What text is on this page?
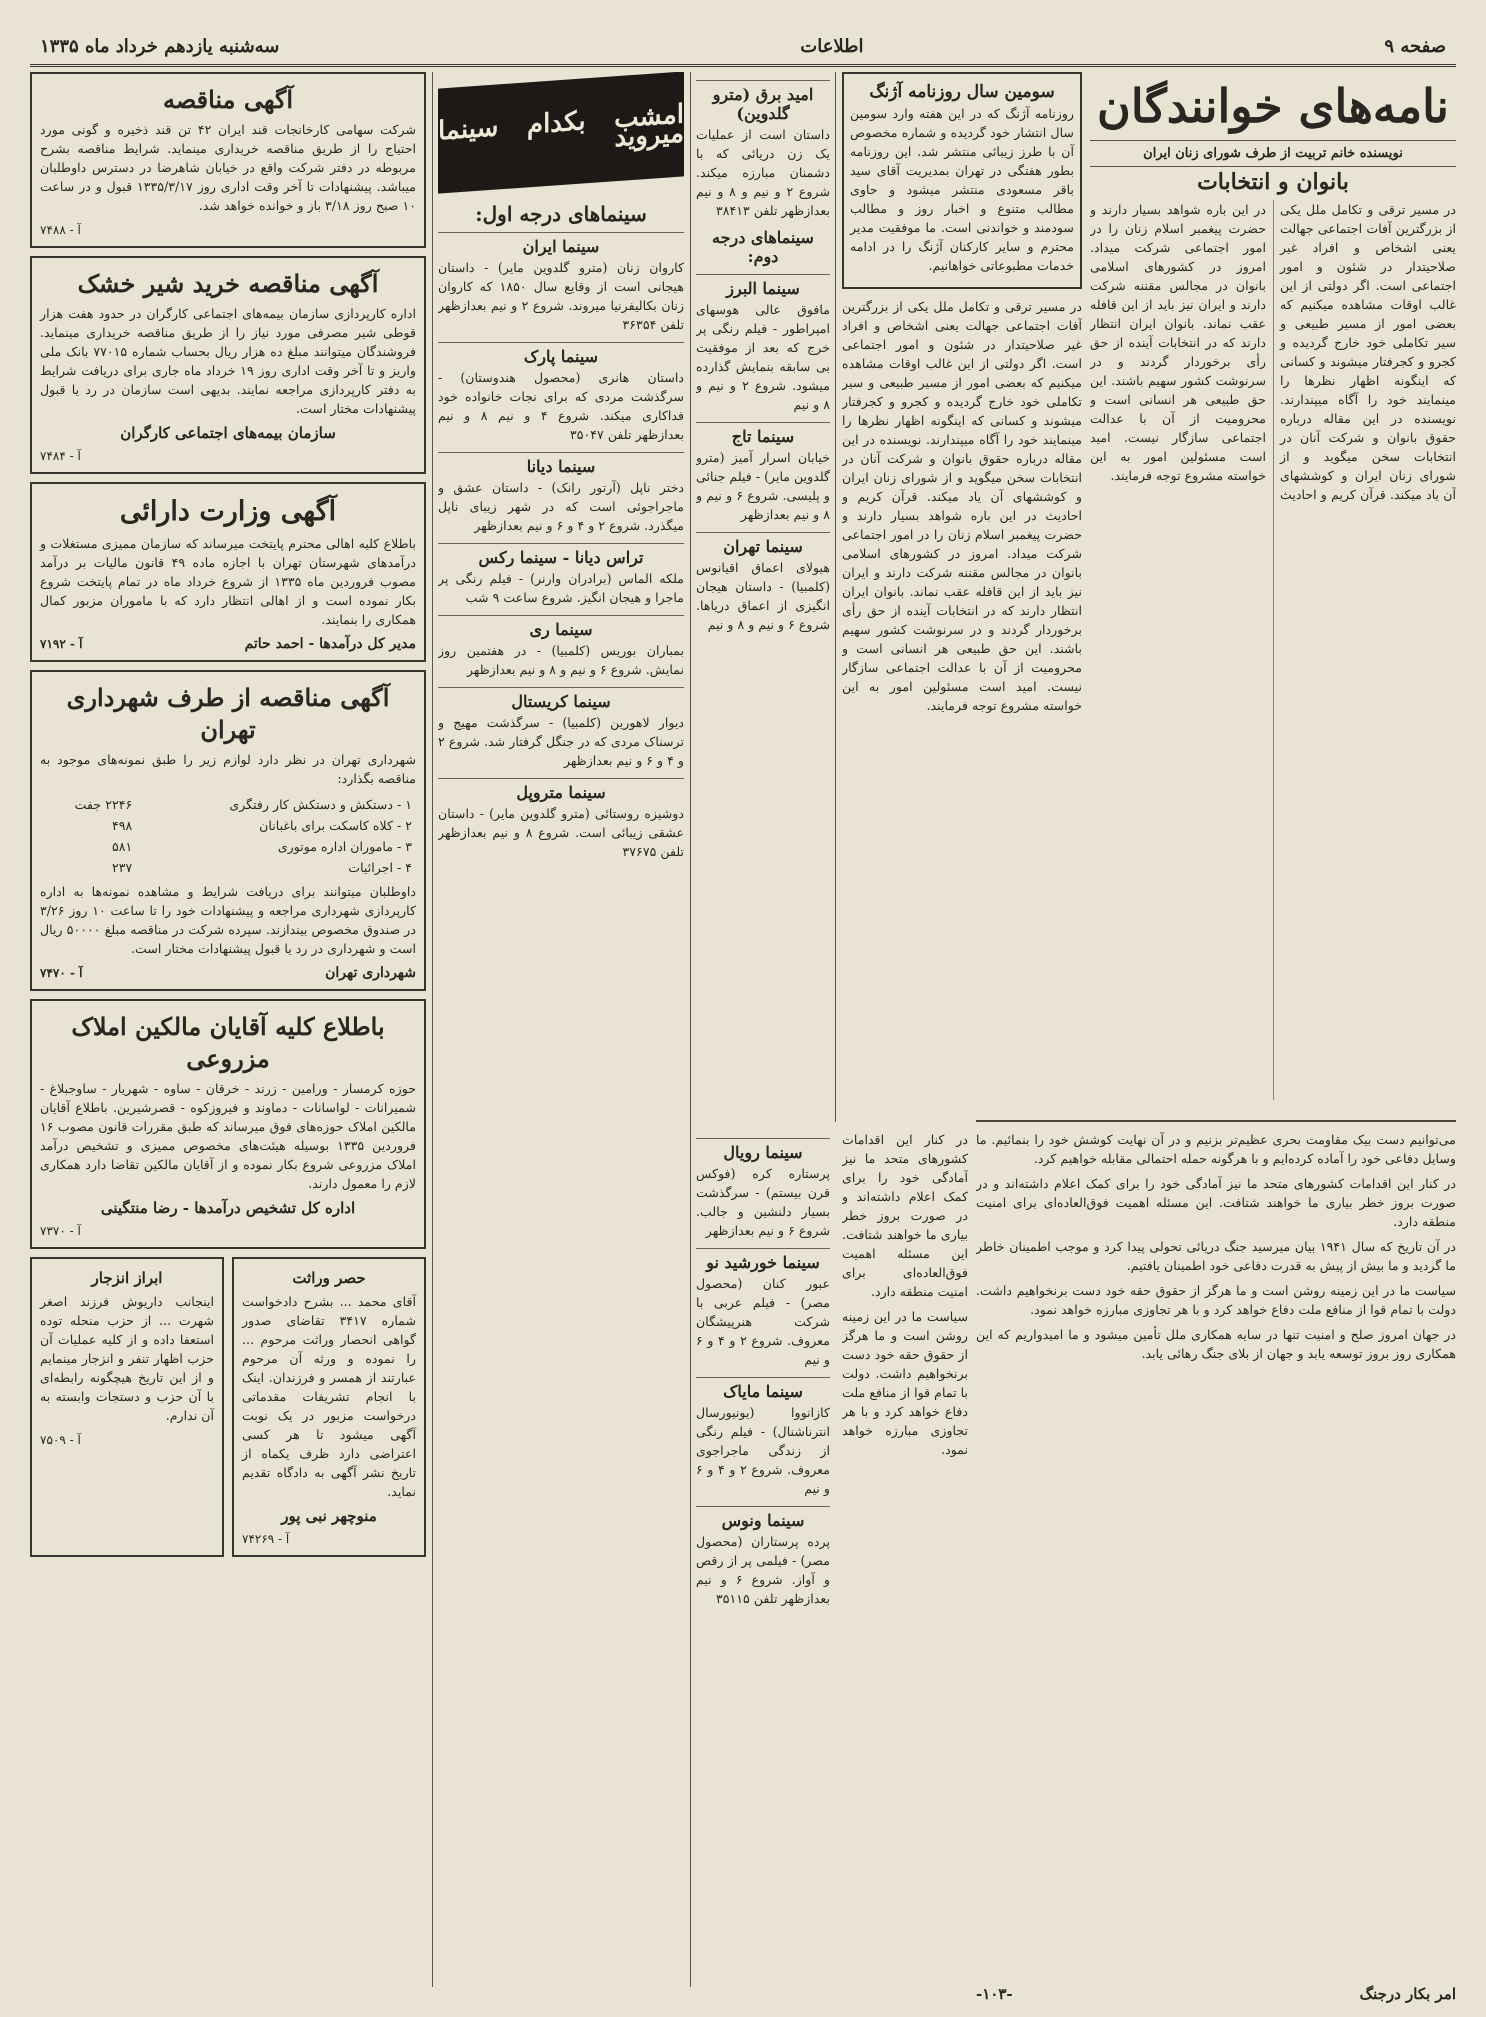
صفحه ۹
اطلاعات
سه‌شنبه یازدهم خرداد ماه ۱۳۳۵
نامه‌های خوانندگان
نویسنده خانم تربیت از طرف شورای زنان ایران
بانوان و انتخابات
در مسیر ترقی و تکامل ملل یکی از بزرگترین آفات اجتماعی جهالت یعنی اشخاص و افراد غیر صلاحیتدار در شئون و امور اجتماعی است. اگر دولتی از این غالب اوقات مشاهده میکنیم که بعضی امور از مسیر طبیعی و سیر تکاملی خود خارج گردیده و کجرو و کجرفتار میشوند و کسانی که اینگونه اظهار نظرها را مینمایند خود را آگاه میپندارند. نویسنده در این مقاله درباره حقوق بانوان و شرکت آنان در انتخابات سخن میگوید و از شورای زنان ایران و کوششهای آن یاد میکند. قرآن کریم و احادیث در این باره شواهد بسیار دارند و حضرت پیغمبر اسلام زنان را در امور اجتماعی شرکت میداد. امروز در کشورهای اسلامی بانوان در مجالس مقننه شرکت دارند و ایران نیز باید از این قافله عقب نماند. بانوان ایران انتظار دارند که در انتخابات آینده از حق رأی برخوردار گردند و در سرنوشت کشور سهیم باشند. این حق طبیعی هر انسانی است و محرومیت از آن با عدالت اجتماعی سازگار نیست. امید است مسئولین امور به این خواسته مشروع توجه فرمایند.
سومین سال روزنامه آژنگ

روزنامه آژنگ که در این هفته وارد سومین سال انتشار خود گردیده و شماره مخصوص آن با طرز زیبائی منتشر شد. این روزنامه بطور هفتگی در تهران بمدیریت آقای سید باقر مسعودی منتشر میشود و حاوی مطالب متنوع و اخبار روز و مطالب سودمند و خواندنی است. ما موفقیت مدیر محترم و سایر کارکنان آژنگ را در ادامه خدمات مطبوعاتی خواهانیم.

در مسیر ترقی و تکامل ملل یکی از بزرگترین آفات اجتماعی جهالت یعنی اشخاص و افراد غیر صلاحیتدار در شئون و امور اجتماعی است. اگر دولتی از این غالب اوقات مشاهده میکنیم که بعضی امور از مسیر طبیعی و سیر تکاملی خود خارج گردیده و کجرو و کجرفتار میشوند و کسانی که اینگونه اظهار نظرها را مینمایند خود را آگاه میپندارند. نویسنده در این مقاله درباره حقوق بانوان و شرکت آنان در انتخابات سخن میگوید و از شورای زنان ایران و کوششهای آن یاد میکند. قرآن کریم و احادیث در این باره شواهد بسیار دارند و حضرت پیغمبر اسلام زنان را در امور اجتماعی شرکت میداد. امروز در کشورهای اسلامی بانوان در مجالس مقننه شرکت دارند و ایران نیز باید از این قافله عقب نماند. بانوان ایران انتظار دارند که در انتخابات آینده از حق رأی برخوردار گردند و در سرنوشت کشور سهیم باشند. این حق طبیعی هر انسانی است و محرومیت از آن با عدالت اجتماعی سازگار نیست. امید است مسئولین امور به این خواسته مشروع توجه فرمایند.

امشب بکدام سینما میروید
سینماهای درجه اول:
سینما ایران

کاروان زنان (مترو گلدوین مایر) - داستان هیجانی است از وقایع سال ۱۸۵۰ که کاروان زنان بکالیفرنیا میروند. شروع ۲ و نیم بعدازظهر تلفن ۳۶۳۵۴

سینما پارک

داستان هانری (محصول هندوستان) - سرگذشت مردی که برای نجات خانواده خود فداکاری میکند. شروع ۴ و نیم ۸ و نیم بعدازظهر تلفن ۳۵۰۴۷

سینما دیانا

دختر ناپل (آرتور رانک) - داستان عشق و ماجراجوئی است که در شهر زیبای ناپل میگذرد. شروع ۲ و ۴ و ۶ و نیم بعدازظهر

تراس دیانا - سینما رکس

ملکه الماس (برادران وارنر) - فیلم رنگی پر ماجرا و هیجان انگیز. شروع ساعت ۹ شب

سینما ری

بمباران بوریس (کلمبیا) - در هفتمین روز نمایش. شروع ۶ و نیم و ۸ و نیم بعدازظهر

سینما کریستال

دیوار لاهورین (کلمبیا) - سرگذشت مهیج و ترسناک مردی که در جنگل گرفتار شد. شروع ۲ و ۴ و ۶ و نیم بعدازظهر

سینما متروپل

دوشیزه روستائی (مترو گلدوین مایر) - داستان عشقی زیبائی است. شروع ۸ و نیم بعدازظهر تلفن ۳۷۶۷۵

امید برق (مترو گلدوین)

داستان است از عملیات یک زن دریائی که با دشمنان مبارزه میکند. شروع ۲ و نیم و ۸ و نیم بعدازظهر تلفن ۳۸۴۱۳

سینماهای درجه دوم:
سینما البرز

مافوق عالی هوسهای امپراطور - فیلم رنگی پر خرج که بعد از موفقیت بی سابقه بنمایش گذارده میشود. شروع ۲ و نیم و ۸ و نیم

سینما تاج

خیابان اسرار آمیز (مترو گلدوین مایر) - فیلم جنائی و پلیسی. شروع ۶ و نیم و ۸ و نیم بعدازظهر

سینما تهران

هیولای اعماق اقیانوس (کلمبیا) - داستان هیجان انگیزی از اعماق دریاها. شروع ۶ و نیم و ۸ و نیم

سینما رویال

پرستاره کره (فوکس قرن بیستم) - سرگذشت بسیار دلنشین و جالب. شروع ۶ و نیم بعدازظهر

سینما خورشید نو

عبور کنان (محصول مصر) - فیلم عربی با شرکت هنرپیشگان معروف. شروع ۲ و ۴ و ۶ و نیم

سینما مایاک

کازانووا (یونیورسال انترناشنال) - فیلم رنگی از زندگی ماجراجوی معروف. شروع ۲ و ۴ و ۶ و نیم

سینما ونوس

پرده پرستاران (محصول مصر) - فیلمی پر از رقص و آواز. شروع ۶ و نیم بعدازظهر تلفن ۳۵۱۱۵

آگهی مناقصه

شرکت سهامی کارخانجات قند ایران ۴۲ تن قند ذخیره و گونی مورد احتیاج را از طریق مناقصه خریداری مینماید. شرایط مناقصه بشرح مربوطه در دفتر شرکت واقع در خیابان شاهرضا در دسترس داوطلبان میباشد. پیشنهادات تا آخر وقت اداری روز ۱۳۳۵/۳/۱۷ قبول و در ساعت ۱۰ صبح روز ۳/۱۸ باز و خوانده خواهد شد.

آ - ۷۴۸۸
آگهی مناقصه خرید شیر خشک

اداره کارپردازی سازمان بیمه‌های اجتماعی کارگران در حدود هفت هزار قوطی شیر مصرفی مورد نیاز را از طریق مناقصه خریداری مینماید. فروشندگان میتوانند مبلغ ده هزار ریال بحساب شماره ۷۷۰۱۵ بانک ملی واریز و تا آخر وقت اداری روز ۱۹ خرداد ماه جاری برای دریافت شرایط به دفتر کارپردازی مراجعه نمایند. بدیهی است سازمان در رد یا قبول پیشنهادات مختار است.

سازمان بیمه‌های اجتماعی کارگران
آ - ۷۴۸۴
آگهی وزارت دارائی

باطلاع کلیه اهالی محترم پایتخت میرساند که سازمان ممیزی مستغلات و درآمدهای شهرستان تهران با اجازه ماده ۴۹ قانون مالیات بر درآمد مصوب فروردین ماه ۱۳۳۵ از شروع خرداد ماه در تمام پایتخت شروع بکار نموده است و از اهالی انتظار دارد که با ماموران مزبور کمال همکاری را بنمایند.

مدیر کل درآمدها - احمد حاتم
آ - ۷۱۹۲
آگهی مناقصه از طرف شهرداری تهران

شهرداری تهران در نظر دارد لوازم زیر را طبق نمونه‌های موجود به مناقصه بگذارد:

۱ - دستکش و دستکش کار رفتگری	۲۲۴۶ جفت
۲ - کلاه کاسکت برای باغبانان	۴۹۸
۳ - ماموران اداره موتوری	۵۸۱
۴ - اجرائیات	۲۳۷

داوطلبان میتوانند برای دریافت شرایط و مشاهده نمونه‌ها به اداره کارپردازی شهرداری مراجعه و پیشنهادات خود را تا ساعت ۱۰ روز ۳/۲۶ در صندوق مخصوص بیندازند. سپرده شرکت در مناقصه مبلغ ۵۰۰۰۰ ریال است و شهرداری در رد یا قبول پیشنهادات مختار است.

شهرداری تهران
آ - ۷۴۷۰
باطلاع کلیه آقایان مالکین املاک مزروعی

حوزه کرمسار - ورامین - زرند - خرقان - ساوه - شهریار - ساوجبلاغ - شمیرانات - لواسانات - دماوند و فیروزکوه - قصرشیرین. باطلاع آقایان مالکین املاک حوزه‌های فوق میرساند که طبق مقررات قانون مصوب ۱۶ فروردین ۱۳۳۵ بوسیله هیئت‌های مخصوص ممیزی و تشخیص درآمد املاک مزروعی شروع بکار نموده و از آقایان مالکین تقاضا دارد همکاری لازم را معمول دارند.

اداره کل تشخیص درآمدها - رضا منتگینی
آ - ۷۳۷۰
حصر وراثت

آقای محمد ... بشرح دادخواست شماره ۳۴۱۷ تقاضای صدور گواهی انحصار وراثت مرحوم ... را نموده و ورثه آن مرحوم عبارتند از همسر و فرزندان. اینک با انجام تشریفات مقدماتی درخواست مزبور در یک نوبت آگهی میشود تا هر کسی اعتراضی دارد ظرف یکماه از تاریخ نشر آگهی به دادگاه تقدیم نماید.

منوچهر نبی پور
آ - ۷۴۲۶۹
ابراز انزجار

اینجانب داریوش فرزند اصغر شهرت ... از حزب منحله توده استعفا داده و از کلیه عملیات آن حزب اظهار تنفر و انزجار مینمایم و از این تاریخ هیچگونه رابطه‌ای با آن حزب و دستجات وابسته به آن ندارم.

آ - ۷۵۰۹

می‌توانیم دست بیک مقاومت بحری عظیم‌تر بزنیم و در آن نهایت کوشش خود را بنمائیم. ما وسایل دفاعی خود را آماده کرده‌ایم و با هرگونه حمله احتمالی مقابله خواهیم کرد.

در کنار این اقدامات کشورهای متحد ما نیز آمادگی خود را برای کمک اعلام داشته‌اند و در صورت بروز خطر بیاری ما خواهند شتافت. این مسئله اهمیت فوق‌العاده‌ای برای امنیت منطقه دارد.

در آن تاریخ که سال ۱۹۴۱ بیان میرسید جنگ دریائی تحولی پیدا کرد و موجب اطمینان خاطر ما گردید و ما بیش از پیش به قدرت دفاعی خود اطمینان یافتیم.

سیاست ما در این زمینه روشن است و ما هرگز از حقوق حقه خود دست برنخواهیم داشت. دولت با تمام قوا از منافع ملت دفاع خواهد کرد و با هر تجاوزی مبارزه خواهد نمود.

در جهان امروز صلح و امنیت تنها در سایه همکاری ملل تأمین میشود و ما امیدواریم که این همکاری روز بروز توسعه یابد و جهان از بلای جنگ رهائی یابد.

در کنار این اقدامات کشورهای متحد ما نیز آمادگی خود را برای کمک اعلام داشته‌اند و در صورت بروز خطر بیاری ما خواهند شتافت. این مسئله اهمیت فوق‌العاده‌ای برای امنیت منطقه دارد.

سیاست ما در این زمینه روشن است و ما هرگز از حقوق حقه خود دست برنخواهیم داشت. دولت با تمام قوا از منافع ملت دفاع خواهد کرد و با هر تجاوزی مبارزه خواهد نمود.

امر بکار درجنگ
-۱۰۳-
